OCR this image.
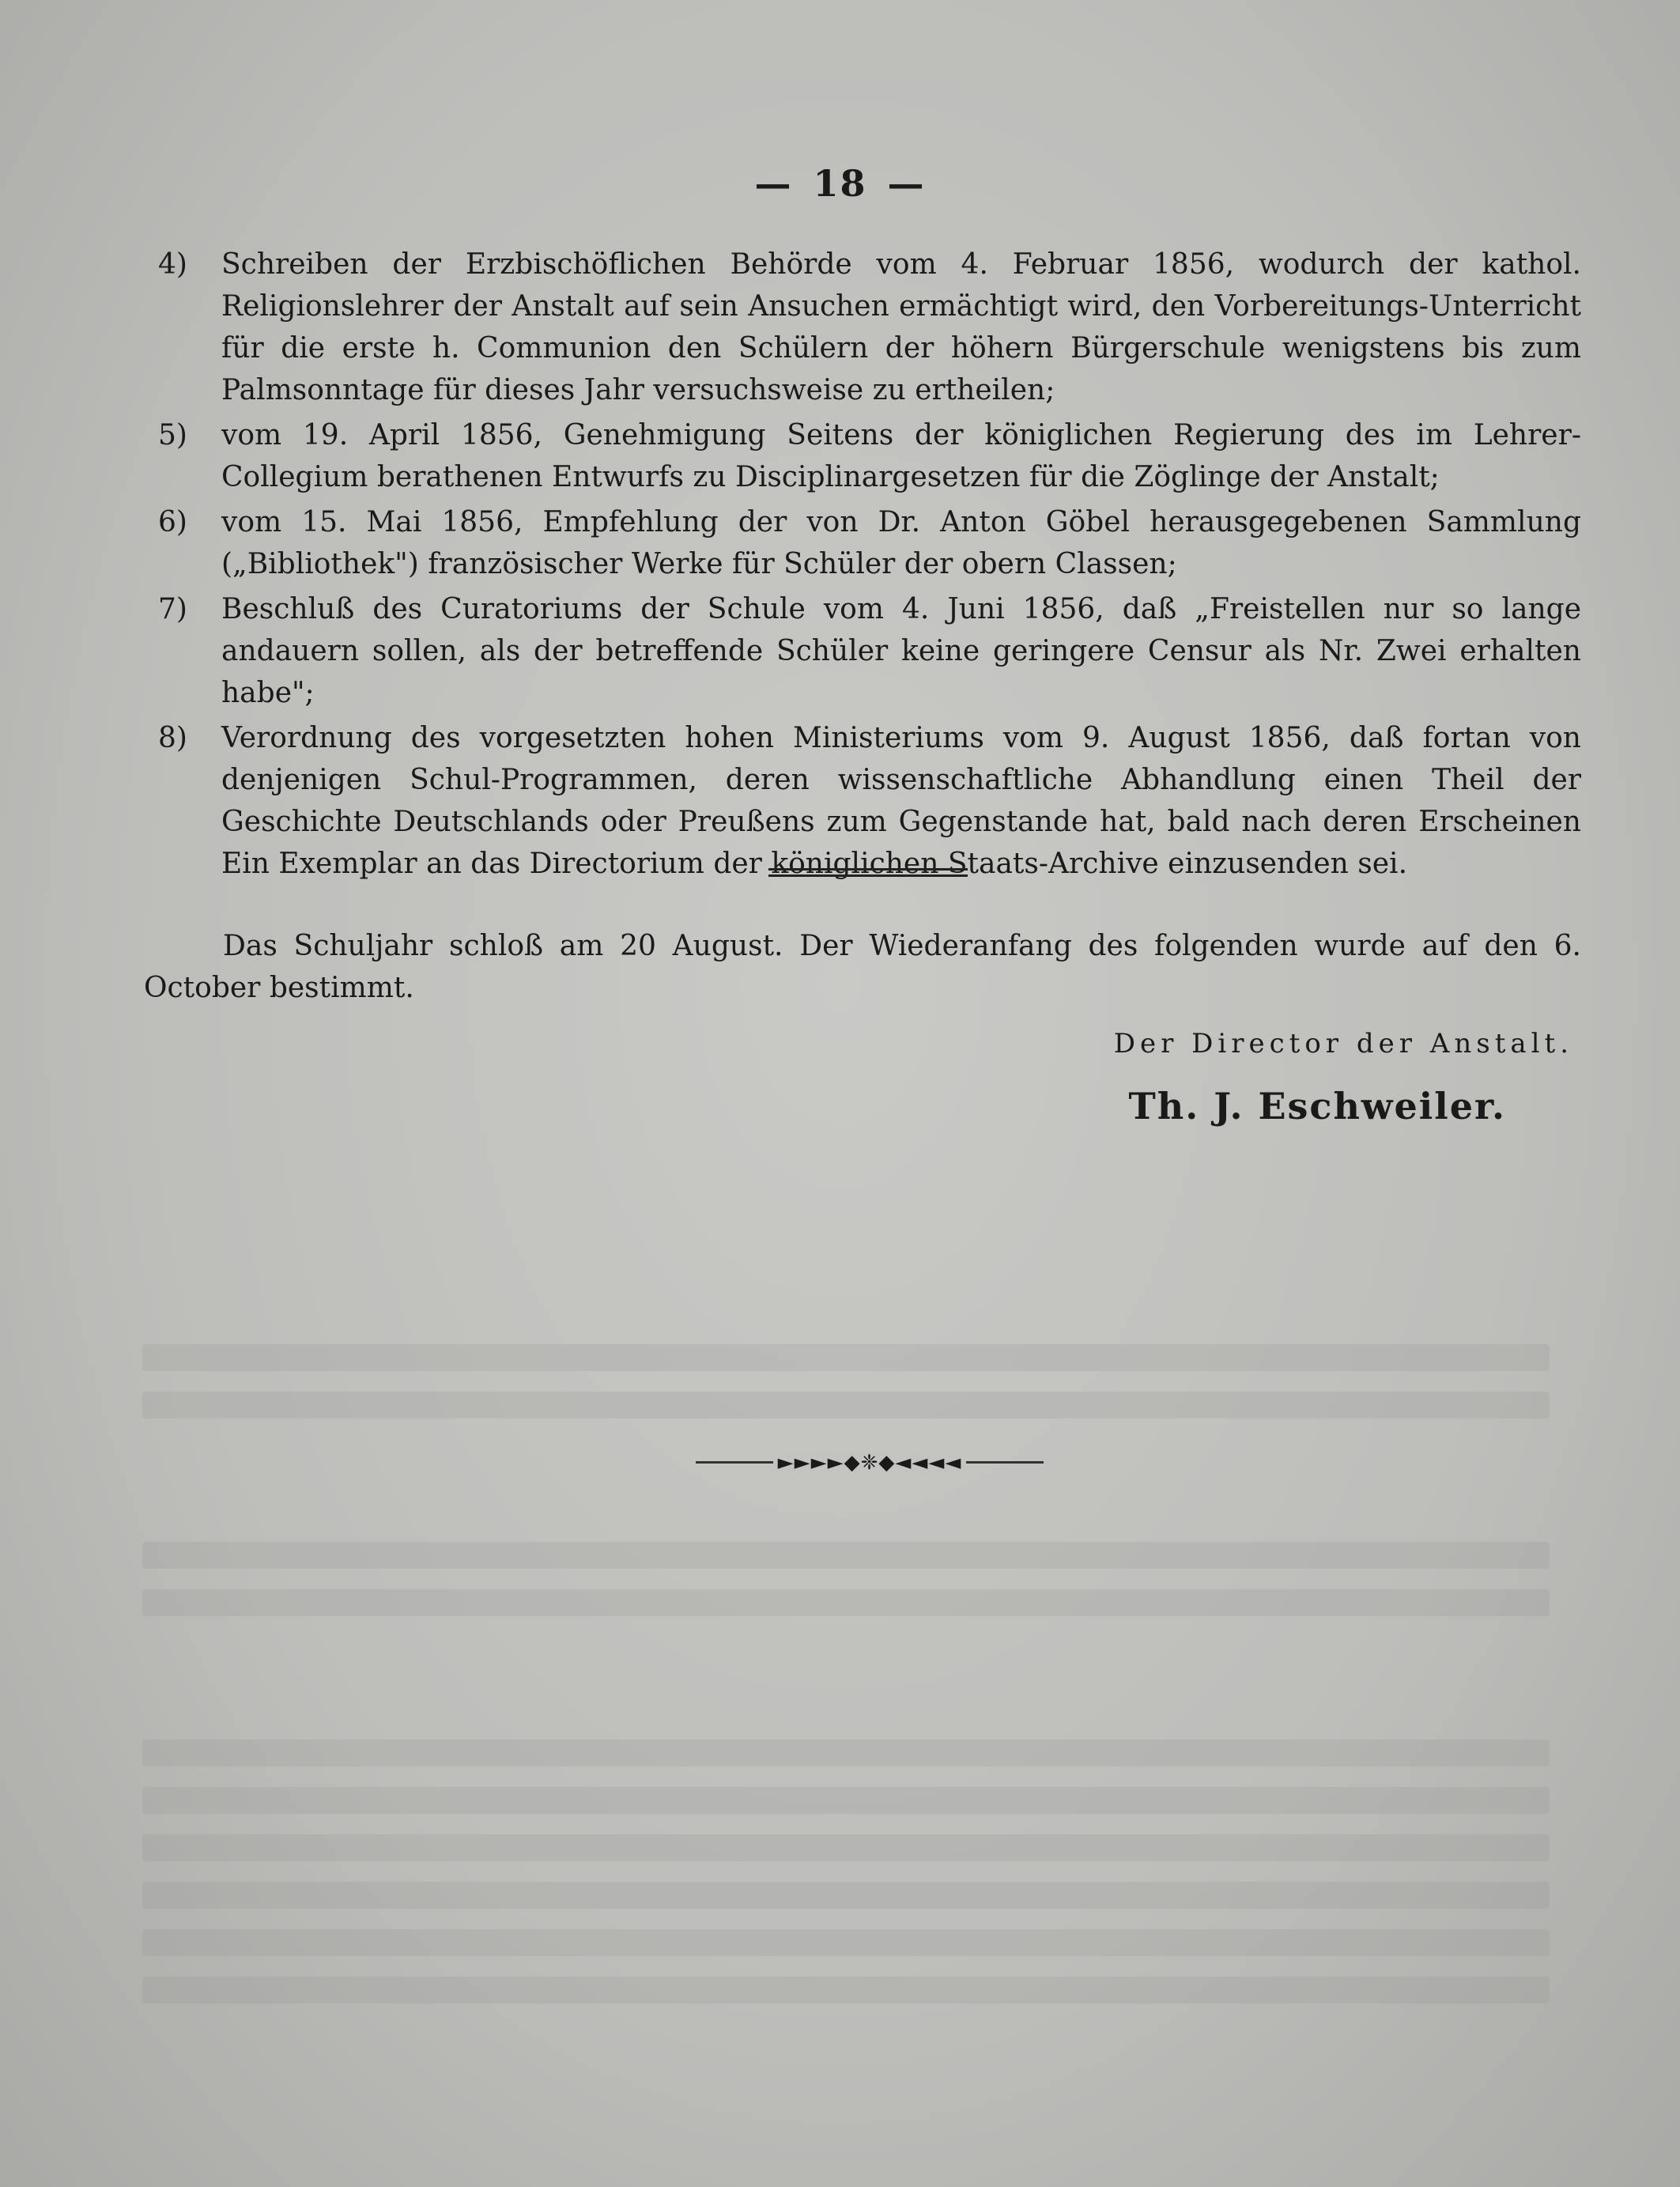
— 18 —
4)	Schreiben der Erzbischöflichen Behörde vom 4. Februar 1856, wodurch der kathol. Religionslehrer der Anstalt auf sein Ansuchen ermächtigt wird, den Vorbereitungs-Unterricht für die erste h. Communion den Schülern der höhern Bürgerschule wenigstens bis zum Palmsonntage für dieses Jahr versuchsweise zu ertheilen;
5)	vom 19. April 1856, Genehmigung Seitens der königlichen Regierung des im Lehrer-Collegium berathenen Entwurfs zu Disciplinargesetzen für die Zöglinge der Anstalt;
6)	vom 15. Mai 1856, Empfehlung der von Dr. Anton Göbel herausgegebenen Sammlung („Bibliothek") französischer Werke für Schüler der obern Classen;
7)	Beschluß des Curatoriums der Schule vom 4. Juni 1856, daß „Freistellen nur so lange andauern sollen, als der betreffende Schüler keine geringere Censur als Nr. Zwei erhalten habe";
8)	Verordnung des vorgesetzten hohen Ministeriums vom 9. August 1856, daß fortan von denjenigen Schul-Programmen, deren wissenschaftliche Abhandlung einen Theil der Geschichte Deutschlands oder Preußens zum Gegenstande hat, bald nach deren Erscheinen Ein Exemplar an das Directorium der königlichen Staats-Archive einzusenden sei.
Das Schuljahr schloß am 20 August. Der Wiederanfang des folgenden wurde auf den 6. October bestimmt.
Der Director der Anstalt.
Th. J. Eschweiler.
►►►►◆❈◆◄◄◄◄
